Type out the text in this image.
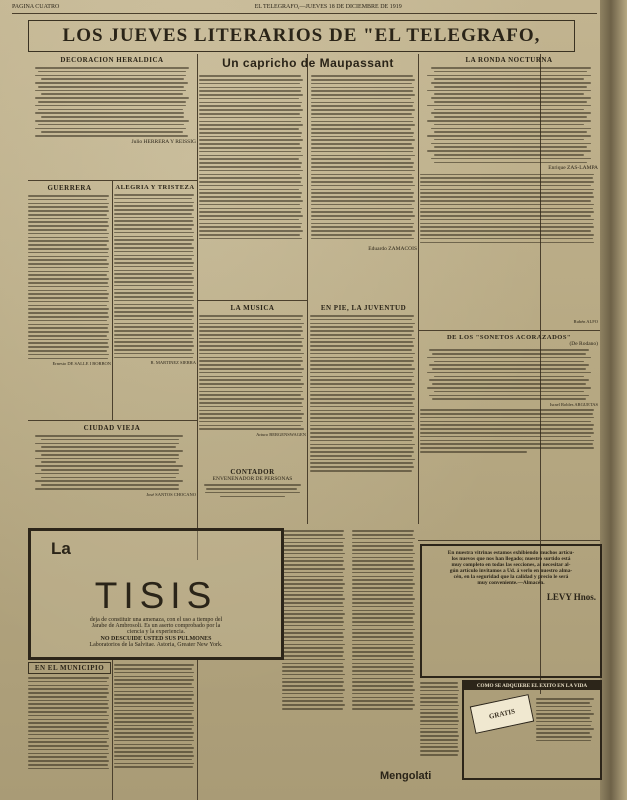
PAGINA CUATRO	EL TELEGRAFO,—JUEVES 18 DE DICIEMBRE DE 1919
LOS JUEVES LITERARIOS DE "EL TELEGRAFO,
DECORACION HERALDICA
Julio HERRERA Y REISSIG
Un capricho de Maupassant
Eduardo ZAMACOIS
LA RONDA NOCTURNA
Enrique ZAS-LAMPA
GUERRERA
Ernesto DE SALLE I BORBON
ALEGRIA Y TRISTEZA
R. MARTINEZ SIERRA
LA MUSICA
Arturo BERGENSWAGEN
CONTADOR
ENVENENADOR DE PERSONAS
EN PIE, LA JUVENTUD
CIUDAD VIEJA
José SANTOS CHOCANO
Rubén ALFO
DE LOS "SONETOS ACORAZADOS"
(De Rodano)
Israel Robles ARGUETAS
La
TISIS
deja de constituir una amenaza, con el uso a tiempo del
Jarabe de Ambrosoli. Es un aserto comprobado por la
ciencia y la experiencia.
NO DESCUIDE USTED SUS PULMONES
Laboratorios de la Salvitae. Astoria, Greater New York.
EN EL MUNICIPIO
En nuestra vitrinas estamos exhibiendo muchos artícu-
los nuevos que nos han llegado; nuestro surtido está
muy completo en todas las secciones, al necesitar al-
gún artículo invitamos a Ud. á verlo en nuestro alma-
cén, en la seguridad que la calidad y precio le será
muy conveniente.—Almacén.
LEVY Hnos.
COMO SE ADQUIERE EL EXITO EN LA VIDA
GRATIS
Mengolati
